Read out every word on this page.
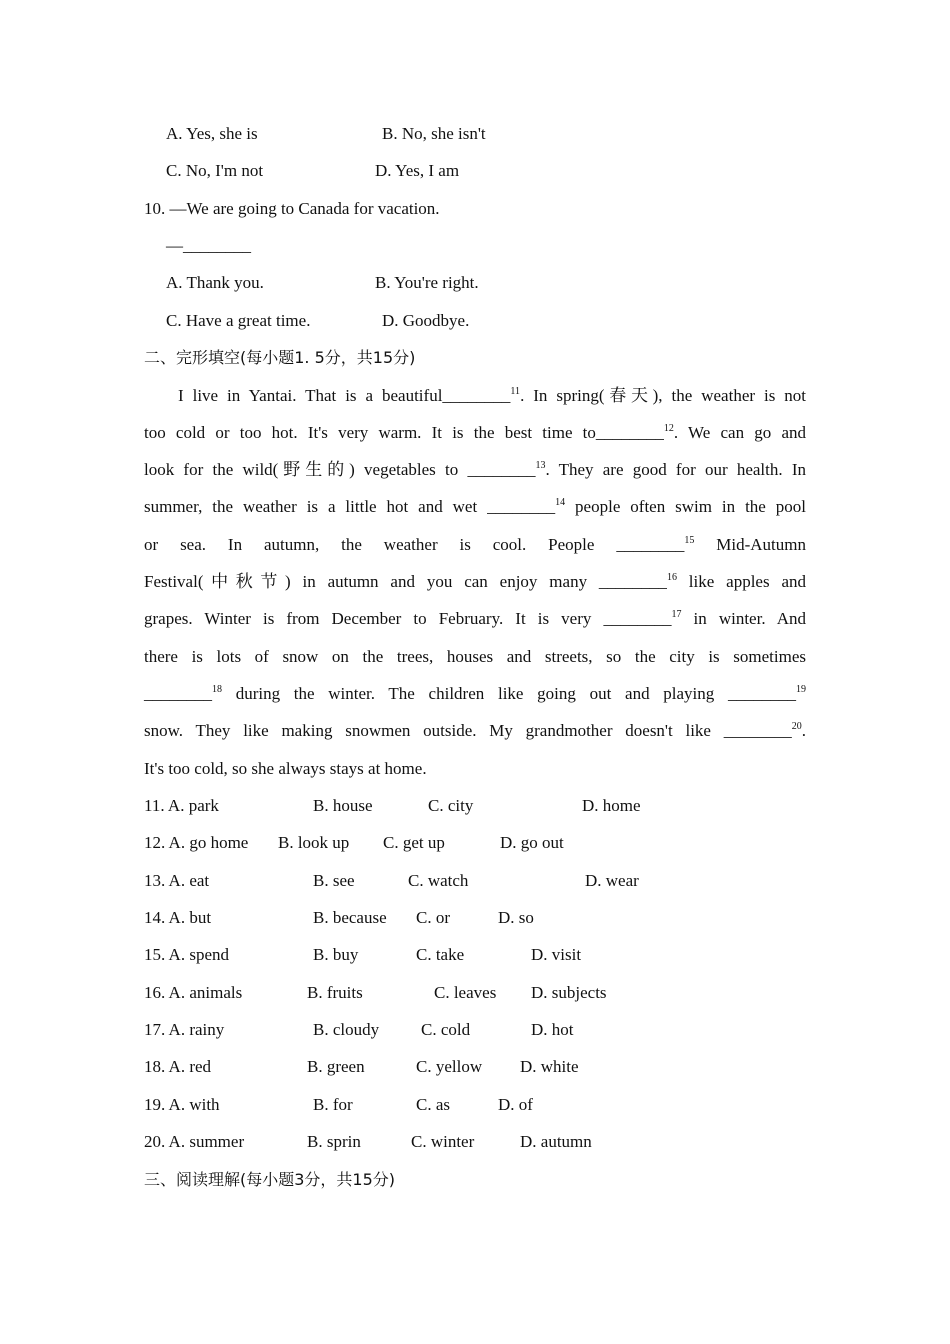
A. Yes, she is	B. No, she isn't
C. No, I'm not	D. Yes, I am
10. —We are going to Canada for vacation.
—________
A. Thank you.	B. You're right.
C. Have a great time.	D. Goodbye.
二、完形填空(每小题1. 5分，共15分)
I live in Yantai. That is a beautiful________$^{11}$. In spring(春天), the weather is not
too cold or too hot. It's very warm. It is the best time to________$^{12}$. We can go and
look for the wild(野生的) vegetables to ________$^{13}$. They are good for our health. In
summer, the weather is a little hot and wet ________$^{14}$ people often swim in the pool
or sea. In autumn, the weather is cool. People ________$^{15}$ Mid-Autumn
Festival(中秋节) in autumn and you can enjoy many ________$^{16}$ like apples and
grapes. Winter is from December to February. It is very ________$^{17}$ in winter. And
there is lots of snow on the trees, houses and streets, so the city is sometimes
________$^{18}$ during the winter. The children like going out and playing ________$^{19}$
snow. They like making snowmen outside. My grandmother doesn't like ________$^{20}$.
It's too cold, so she always stays at home.
11. A. park	B. house	C. city	D. home
12. A. go home B. look up C. get up	D. go out
13. A. eat	B. see	C. watch	D. wear
14. A. but	B. because C. or	D. so
15. A. spend	B. buy	C. take	D. visit
16. A. animals	B. fruits	C. leaves D. subjects
17. A. rainy	B. cloudy C. cold	D. hot
18. A. red	B. green	C. yellow D. white
19. A. with	B. for	C. as	D. of
20. A. summer	B. sprin	C. winter	D. autumn
三、阅读理解(每小题3分，共15分)
